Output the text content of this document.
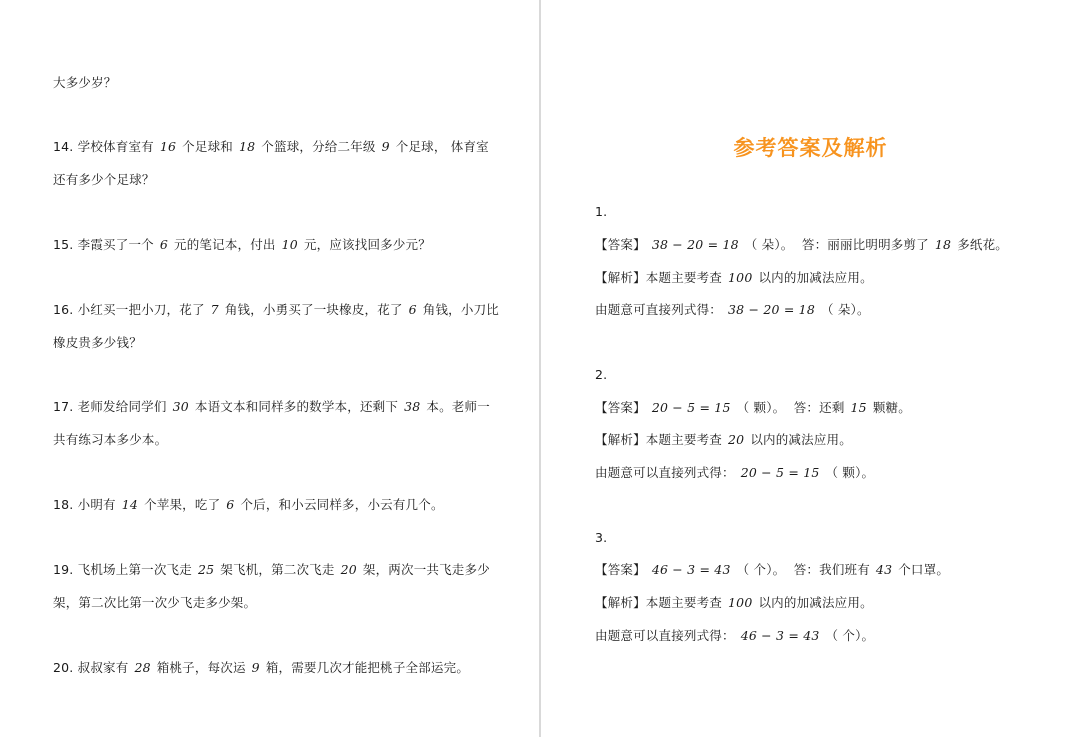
大多少岁？
14. 学校体育室有 16 个足球和 18 个篮球，分给二年级 9 个足球， 体育室
还有多少个足球？
15. 李霞买了一个 6 元的笔记本，付出 10 元，应该找回多少元？
16. 小红买一把小刀，花了 7 角钱，小勇买了一块橡皮，花了 6 角钱，小刀比
橡皮贵多少钱？
17. 老师发给同学们 30 本语文本和同样多的数学本，还剩下 38 本。老师一
共有练习本多少本。
18. 小明有 14 个苹果，吃了 6 个后，和小云同样多，小云有几个。
19. 飞机场上第一次飞走 25 架飞机，第二次飞走 20 架，两次一共飞走多少
架，第二次比第一次少飞走多少架。
20. 叔叔家有 28 箱桃子，每次运 9 箱，需要几次才能把桃子全部运完。
参考答案及解析
1.
【答案】 38 − 20 = 18 （ 朵）。 答：丽丽比明明多剪了 18 多纸花。
【解析】本题主要考查 100 以内的加减法应用。
由题意可直接列式得： 38 − 20 = 18 （ 朵）。
2.
【答案】 20 − 5 = 15 （ 颗）。 答：还剩 15 颗糖。
【解析】本题主要考查 20 以内的减法应用。
由题意可以直接列式得： 20 − 5 = 15 （ 颗）。
3.
【答案】 46 − 3 = 43 （ 个）。 答：我们班有 43 个口罩。
【解析】本题主要考查 100 以内的加减法应用。
由题意可以直接列式得： 46 − 3 = 43 （ 个）。
